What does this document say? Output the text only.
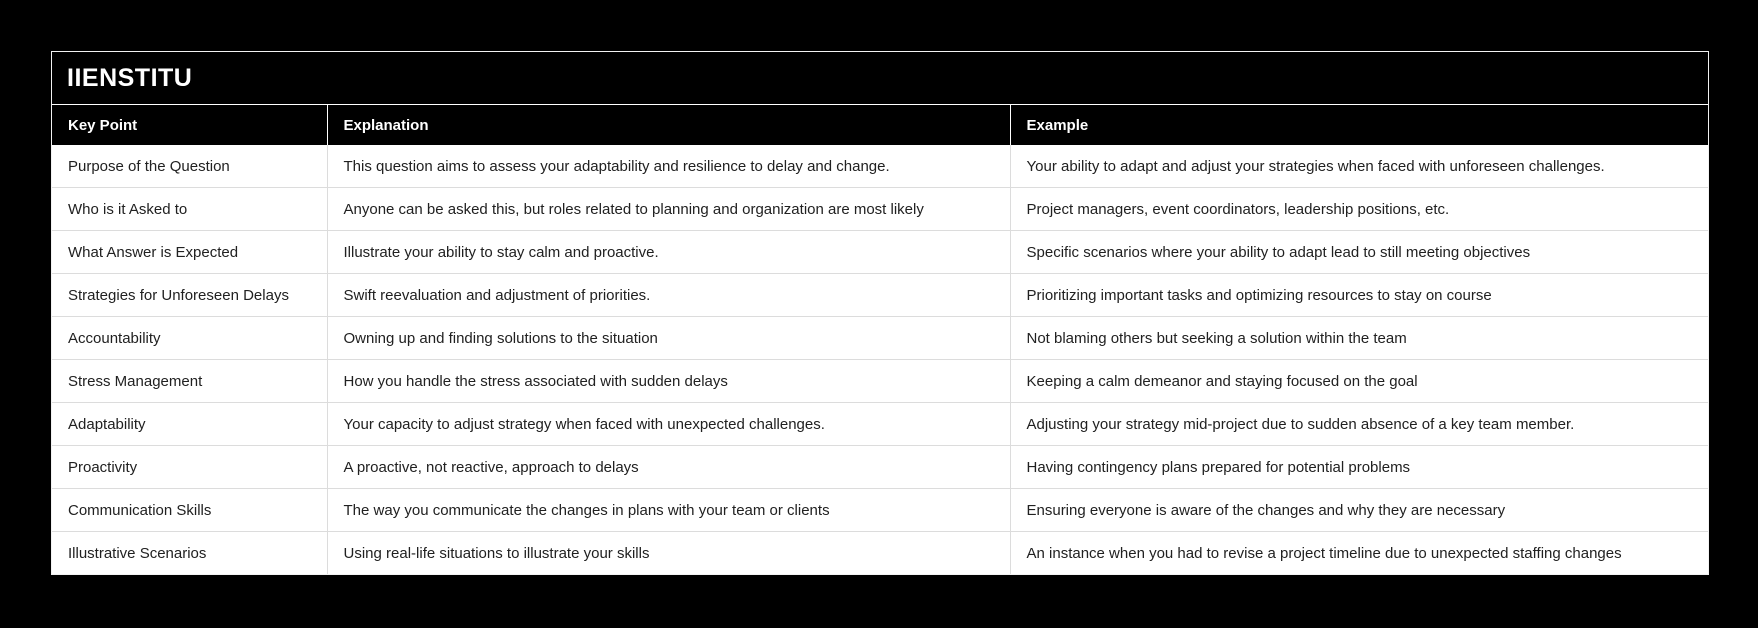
IIENSTITU
Key Point	Explanation	Example
Purpose of the Question	This question aims to assess your adaptability and resilience to delay and change.	Your ability to adapt and adjust your strategies when faced with unforeseen challenges.
Who is it Asked to	Anyone can be asked this, but roles related to planning and organization are most likely	Project managers, event coordinators, leadership positions, etc.
What Answer is Expected	Illustrate your ability to stay calm and proactive.	Specific scenarios where your ability to adapt lead to still meeting objectives
Strategies for Unforeseen Delays	Swift reevaluation and adjustment of priorities.	Prioritizing important tasks and optimizing resources to stay on course
Accountability	Owning up and finding solutions to the situation	Not blaming others but seeking a solution within the team
Stress Management	How you handle the stress associated with sudden delays	Keeping a calm demeanor and staying focused on the goal
Adaptability	Your capacity to adjust strategy when faced with unexpected challenges.	Adjusting your strategy mid-project due to sudden absence of a key team member.
Proactivity	A proactive, not reactive, approach to delays	Having contingency plans prepared for potential problems
Communication Skills	The way you communicate the changes in plans with your team or clients	Ensuring everyone is aware of the changes and why they are necessary
Illustrative Scenarios	Using real-life situations to illustrate your skills	An instance when you had to revise a project timeline due to unexpected staffing changes
